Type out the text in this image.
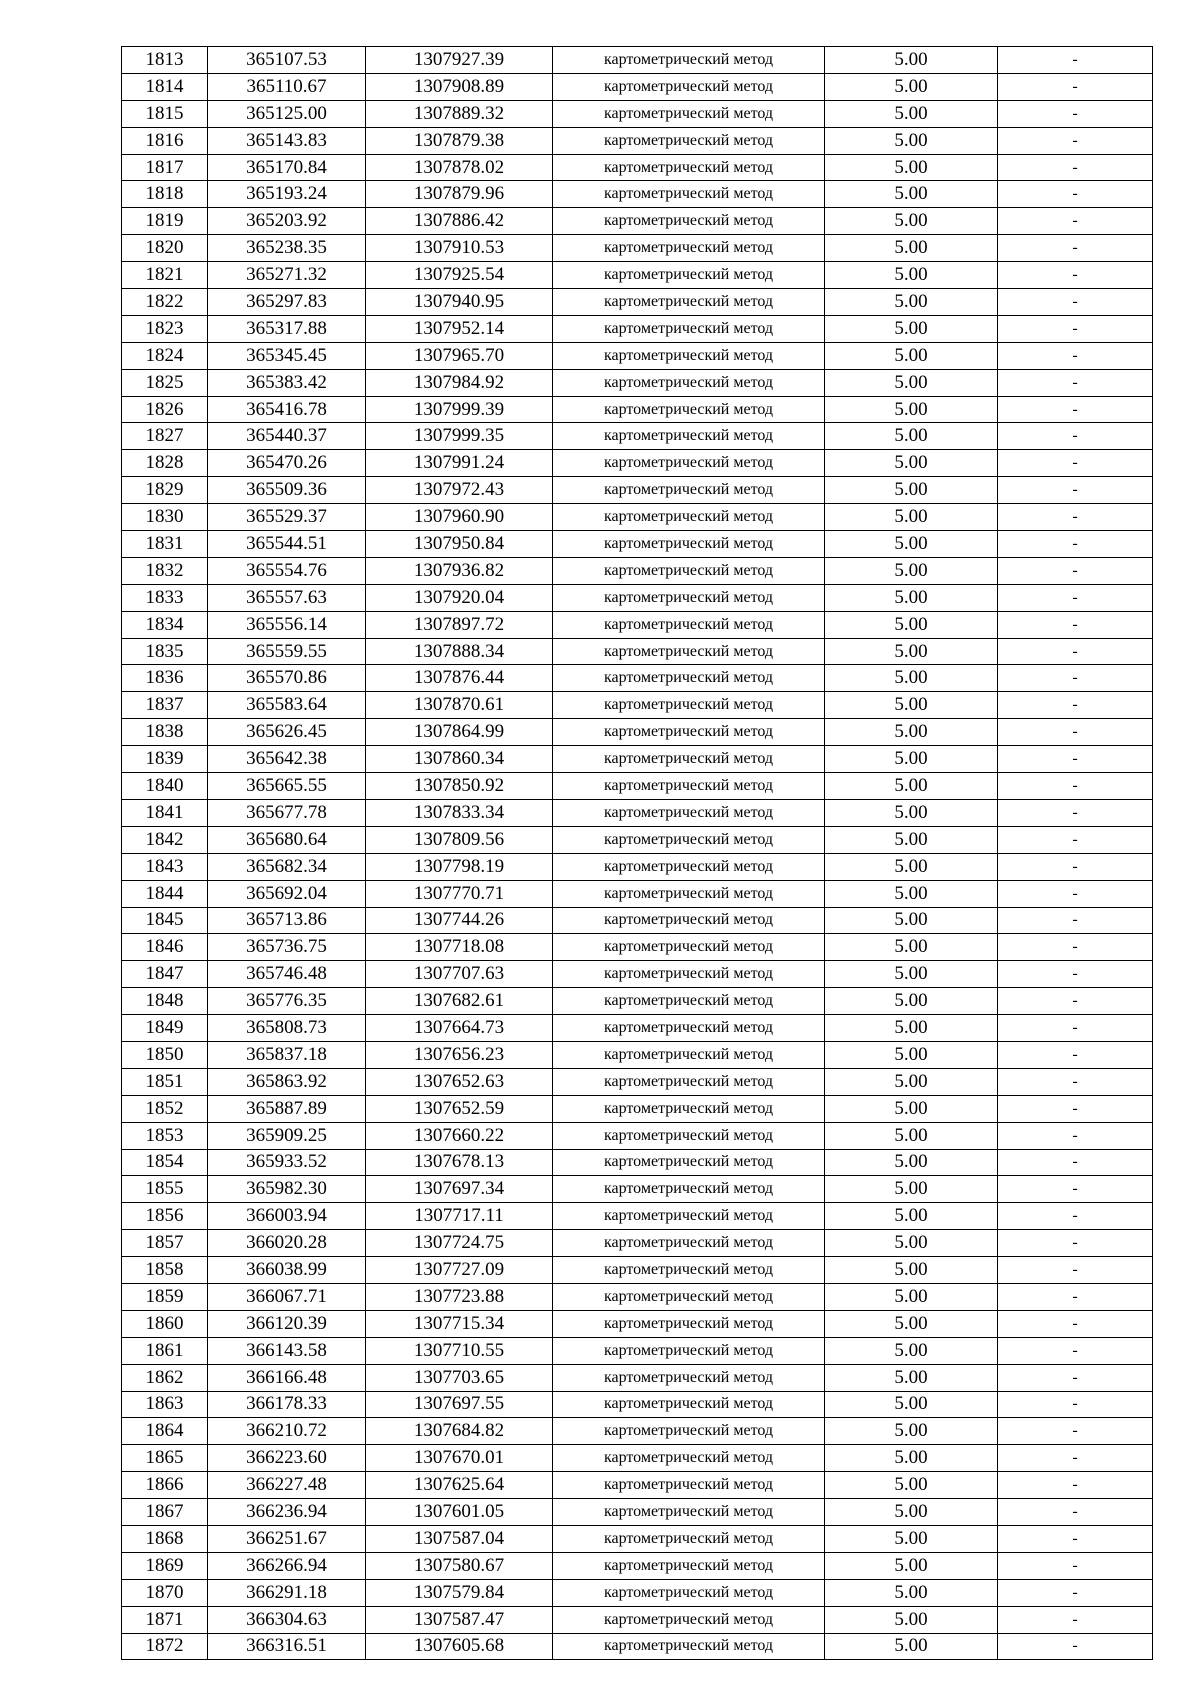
1813	365107.53	1307927.39	картометрический метод	5.00	-
1814	365110.67	1307908.89	картометрический метод	5.00	-
1815	365125.00	1307889.32	картометрический метод	5.00	-
1816	365143.83	1307879.38	картометрический метод	5.00	-
1817	365170.84	1307878.02	картометрический метод	5.00	-
1818	365193.24	1307879.96	картометрический метод	5.00	-
1819	365203.92	1307886.42	картометрический метод	5.00	-
1820	365238.35	1307910.53	картометрический метод	5.00	-
1821	365271.32	1307925.54	картометрический метод	5.00	-
1822	365297.83	1307940.95	картометрический метод	5.00	-
1823	365317.88	1307952.14	картометрический метод	5.00	-
1824	365345.45	1307965.70	картометрический метод	5.00	-
1825	365383.42	1307984.92	картометрический метод	5.00	-
1826	365416.78	1307999.39	картометрический метод	5.00	-
1827	365440.37	1307999.35	картометрический метод	5.00	-
1828	365470.26	1307991.24	картометрический метод	5.00	-
1829	365509.36	1307972.43	картометрический метод	5.00	-
1830	365529.37	1307960.90	картометрический метод	5.00	-
1831	365544.51	1307950.84	картометрический метод	5.00	-
1832	365554.76	1307936.82	картометрический метод	5.00	-
1833	365557.63	1307920.04	картометрический метод	5.00	-
1834	365556.14	1307897.72	картометрический метод	5.00	-
1835	365559.55	1307888.34	картометрический метод	5.00	-
1836	365570.86	1307876.44	картометрический метод	5.00	-
1837	365583.64	1307870.61	картометрический метод	5.00	-
1838	365626.45	1307864.99	картометрический метод	5.00	-
1839	365642.38	1307860.34	картометрический метод	5.00	-
1840	365665.55	1307850.92	картометрический метод	5.00	-
1841	365677.78	1307833.34	картометрический метод	5.00	-
1842	365680.64	1307809.56	картометрический метод	5.00	-
1843	365682.34	1307798.19	картометрический метод	5.00	-
1844	365692.04	1307770.71	картометрический метод	5.00	-
1845	365713.86	1307744.26	картометрический метод	5.00	-
1846	365736.75	1307718.08	картометрический метод	5.00	-
1847	365746.48	1307707.63	картометрический метод	5.00	-
1848	365776.35	1307682.61	картометрический метод	5.00	-
1849	365808.73	1307664.73	картометрический метод	5.00	-
1850	365837.18	1307656.23	картометрический метод	5.00	-
1851	365863.92	1307652.63	картометрический метод	5.00	-
1852	365887.89	1307652.59	картометрический метод	5.00	-
1853	365909.25	1307660.22	картометрический метод	5.00	-
1854	365933.52	1307678.13	картометрический метод	5.00	-
1855	365982.30	1307697.34	картометрический метод	5.00	-
1856	366003.94	1307717.11	картометрический метод	5.00	-
1857	366020.28	1307724.75	картометрический метод	5.00	-
1858	366038.99	1307727.09	картометрический метод	5.00	-
1859	366067.71	1307723.88	картометрический метод	5.00	-
1860	366120.39	1307715.34	картометрический метод	5.00	-
1861	366143.58	1307710.55	картометрический метод	5.00	-
1862	366166.48	1307703.65	картометрический метод	5.00	-
1863	366178.33	1307697.55	картометрический метод	5.00	-
1864	366210.72	1307684.82	картометрический метод	5.00	-
1865	366223.60	1307670.01	картометрический метод	5.00	-
1866	366227.48	1307625.64	картометрический метод	5.00	-
1867	366236.94	1307601.05	картометрический метод	5.00	-
1868	366251.67	1307587.04	картометрический метод	5.00	-
1869	366266.94	1307580.67	картометрический метод	5.00	-
1870	366291.18	1307579.84	картометрический метод	5.00	-
1871	366304.63	1307587.47	картометрический метод	5.00	-
1872	366316.51	1307605.68	картометрический метод	5.00	-
